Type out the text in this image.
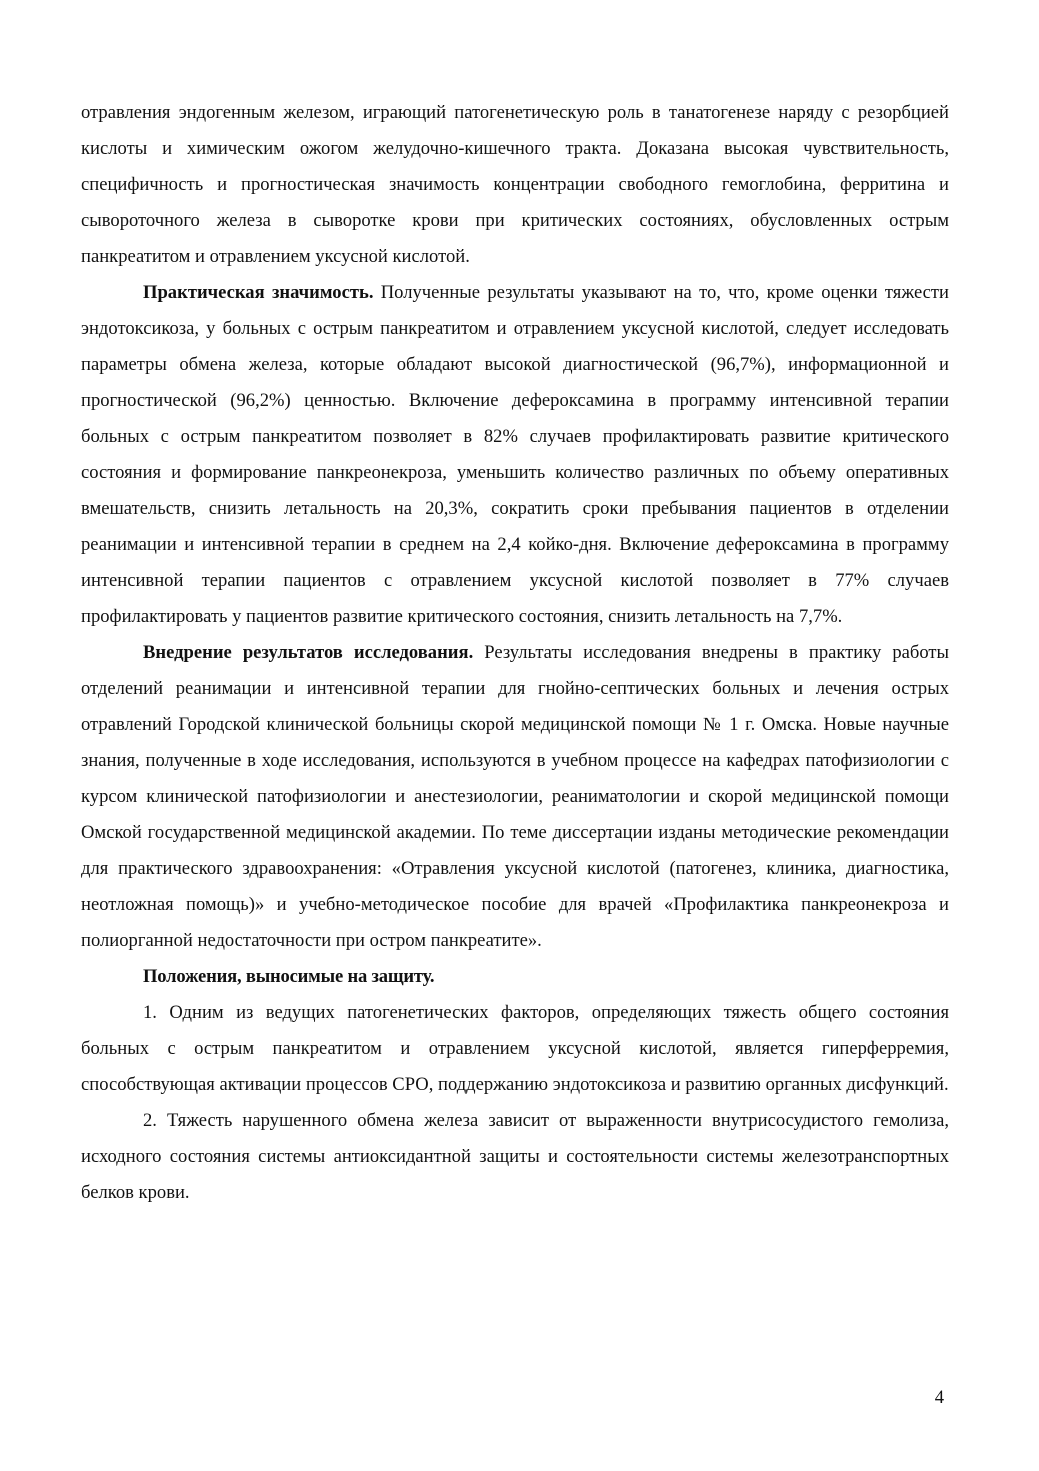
отравления эндогенным железом, играющий патогенетическую роль в танатогенезе наряду с резорбцией кислоты и химическим ожогом желудочно-кишечного тракта. Доказана высокая чувствительность, специфичность и прогностическая значимость концентрации свободного гемоглобина, ферритина и сывороточного железа в сыворотке крови при критических состояниях, обусловленных острым панкреатитом и отравлением уксусной кислотой.

Практическая значимость. Полученные результаты указывают на то, что, кроме оценки тяжести эндотоксикоза, у больных с острым панкреатитом и отравлением уксусной кислотой, следует исследовать параметры обмена железа, которые обладают высокой диагностической (96,7%), информационной и прогностической (96,2%) ценностью. Включение дефероксамина в программу интенсивной терапии больных с острым панкреатитом позволяет в 82% случаев профилактировать развитие критического состояния и формирование панкреонекроза, уменьшить количество различных по объему оперативных вмешательств, снизить летальность на 20,3%, сократить сроки пребывания пациентов в отделении реанимации и интенсивной терапии в среднем на 2,4 койко-дня. Включение дефероксамина в программу интенсивной терапии пациентов с отравлением уксусной кислотой позволяет в 77% случаев профилактировать у пациентов развитие критического состояния, снизить летальность на 7,7%.

Внедрение результатов исследования. Результаты исследования внедрены в практику работы отделений реанимации и интенсивной терапии для гнойно-септических больных и лечения острых отравлений Городской клинической больницы скорой медицинской помощи № 1 г. Омска. Новые научные знания, полученные в ходе исследования, используются в учебном процессе на кафедрах патофизиологии с курсом клинической патофизиологии и анестезиологии, реаниматологии и скорой медицинской помощи Омской государственной медицинской академии. По теме диссертации изданы методические рекомендации для практического здравоохранения: «Отравления уксусной кислотой (патогенез, клиника, диагностика, неотложная помощь)» и учебно-методическое пособие для врачей «Профилактика панкреонекроза и полиорганной недостаточности при остром панкреатите».

Положения, выносимые на защиту.

1. Одним из ведущих патогенетических факторов, определяющих тяжесть общего состояния больных с острым панкреатитом и отравлением уксусной кислотой, является гиперферремия, способствующая активации процессов СРО, поддержанию эндотоксикоза и развитию органных дисфункций.

2. Тяжесть нарушенного обмена железа зависит от выраженности внутрисосудистого гемолиза, исходного состояния системы антиоксидантной защиты и состоятельности системы железотранспортных белков крови.

4
